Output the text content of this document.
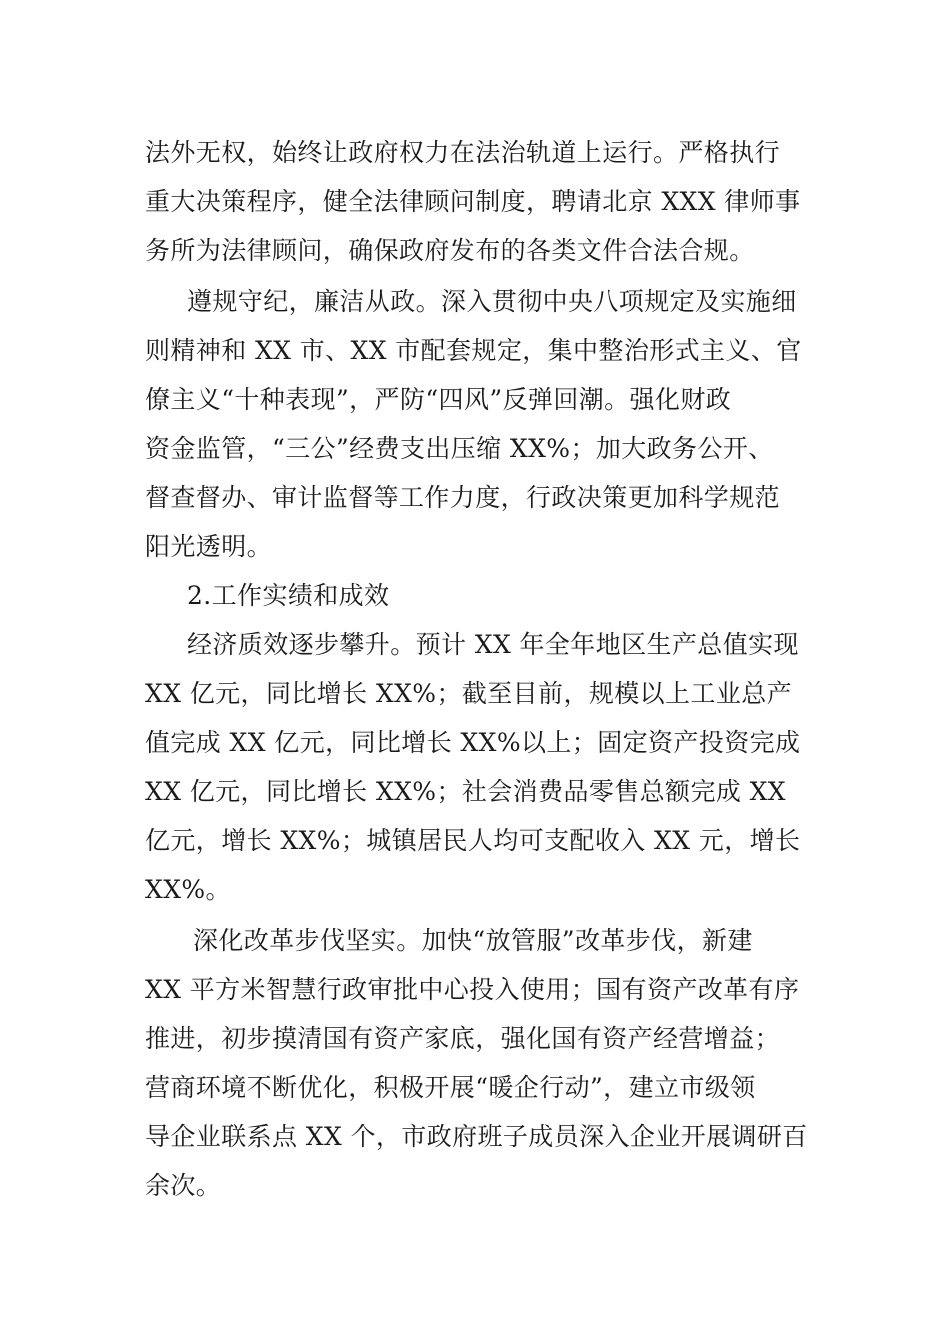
法外无权，始终让政府权力在法治轨道上运行。严格执行
重大决策程序，健全法律顾问制度，聘请北京 XXX 律师事
务所为法律顾问，确保政府发布的各类文件合法合规。
遵规守纪，廉洁从政。深入贯彻中央八项规定及实施细
则精神和 XX 市、XX 市配套规定，集中整治形式主义、官
僚主义“十种表现”，严防“四风”反弹回潮。强化财政
资金监管，“三公”经费支出压缩 XX%；加大政务公开、
督查督办、审计监督等工作力度，行政决策更加科学规范
阳光透明。
2.工作实绩和成效
经济质效逐步攀升。预计 XX 年全年地区生产总值实现
XX 亿元，同比增长 XX%；截至目前，规模以上工业总产
值完成 XX 亿元，同比增长 XX%以上；固定资产投资完成
XX 亿元，同比增长 XX%；社会消费品零售总额完成 XX
亿元，增长 XX%；城镇居民人均可支配收入 XX 元，增长
XX%。
深化改革步伐坚实。加快“放管服”改革步伐，新建
XX 平方米智慧行政审批中心投入使用；国有资产改革有序
推进，初步摸清国有资产家底，强化国有资产经营增益；
营商环境不断优化，积极开展“暖企行动”，建立市级领
导企业联系点 XX 个，市政府班子成员深入企业开展调研百
余次。
